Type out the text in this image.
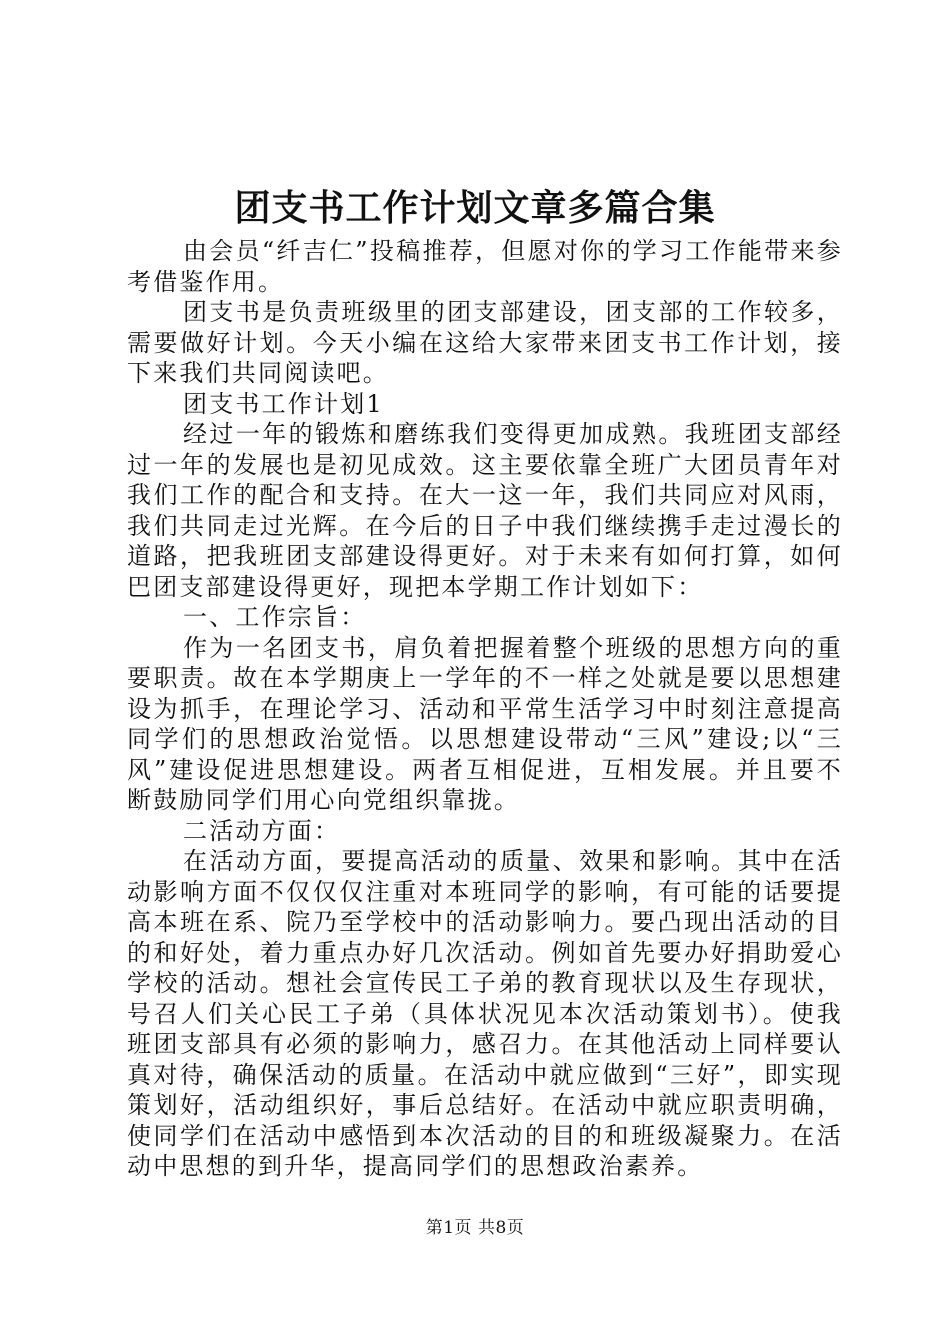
团支书工作计划文章多篇合集

由会员“纤吉仁”投稿推荐，但愿对你的学习工作能带来参考借鉴作用。

团支书是负责班级里的团支部建设，团支部的工作较多，需要做好计划。今天小编在这给大家带来团支书工作计划，接下来我们共同阅读吧。

团支书工作计划1

经过一年的锻炼和磨练我们变得更加成熟。我班团支部经过一年的发展也是初见成效。这主要依靠全班广大团员青年对我们工作的配合和支持。在大一这一年，我们共同应对风雨，我们共同走过光辉。在今后的日子中我们继续携手走过漫长的道路，把我班团支部建设得更好。对于未来有如何打算，如何巴团支部建设得更好，现把本学期工作计划如下：

一、工作宗旨：

作为一名团支书，肩负着把握着整个班级的思想方向的重要职责。故在本学期庚上一学年的不一样之处就是要以思想建设为抓手，在理论学习、活动和平常生活学习中时刻注意提高同学们的思想政治觉悟。以思想建设带动“三风”建设;以“三风”建设促进思想建设。两者互相促进，互相发展。并且要不断鼓励同学们用心向党组织靠拢。

二活动方面：

在活动方面，要提高活动的质量、效果和影响。其中在活动影响方面不仅仅仅注重对本班同学的影响，有可能的话要提高本班在系、院乃至学校中的活动影响力。要凸现出活动的目的和好处，着力重点办好几次活动。例如首先要办好捐助爱心学校的活动。想社会宣传民工子弟的教育现状以及生存现状，号召人们关心民工子弟（具体状况见本次活动策划书）。使我班团支部具有必须的影响力，感召力。在其他活动上同样要认真对待，确保活动的质量。在活动中就应做到“三好”，即实现策划好，活动组织好，事后总结好。在活动中就应职责明确，使同学们在活动中感悟到本次活动的目的和班级凝聚力。在活动中思想的到升华，提高同学们的思想政治素养。

第1页 共8页
